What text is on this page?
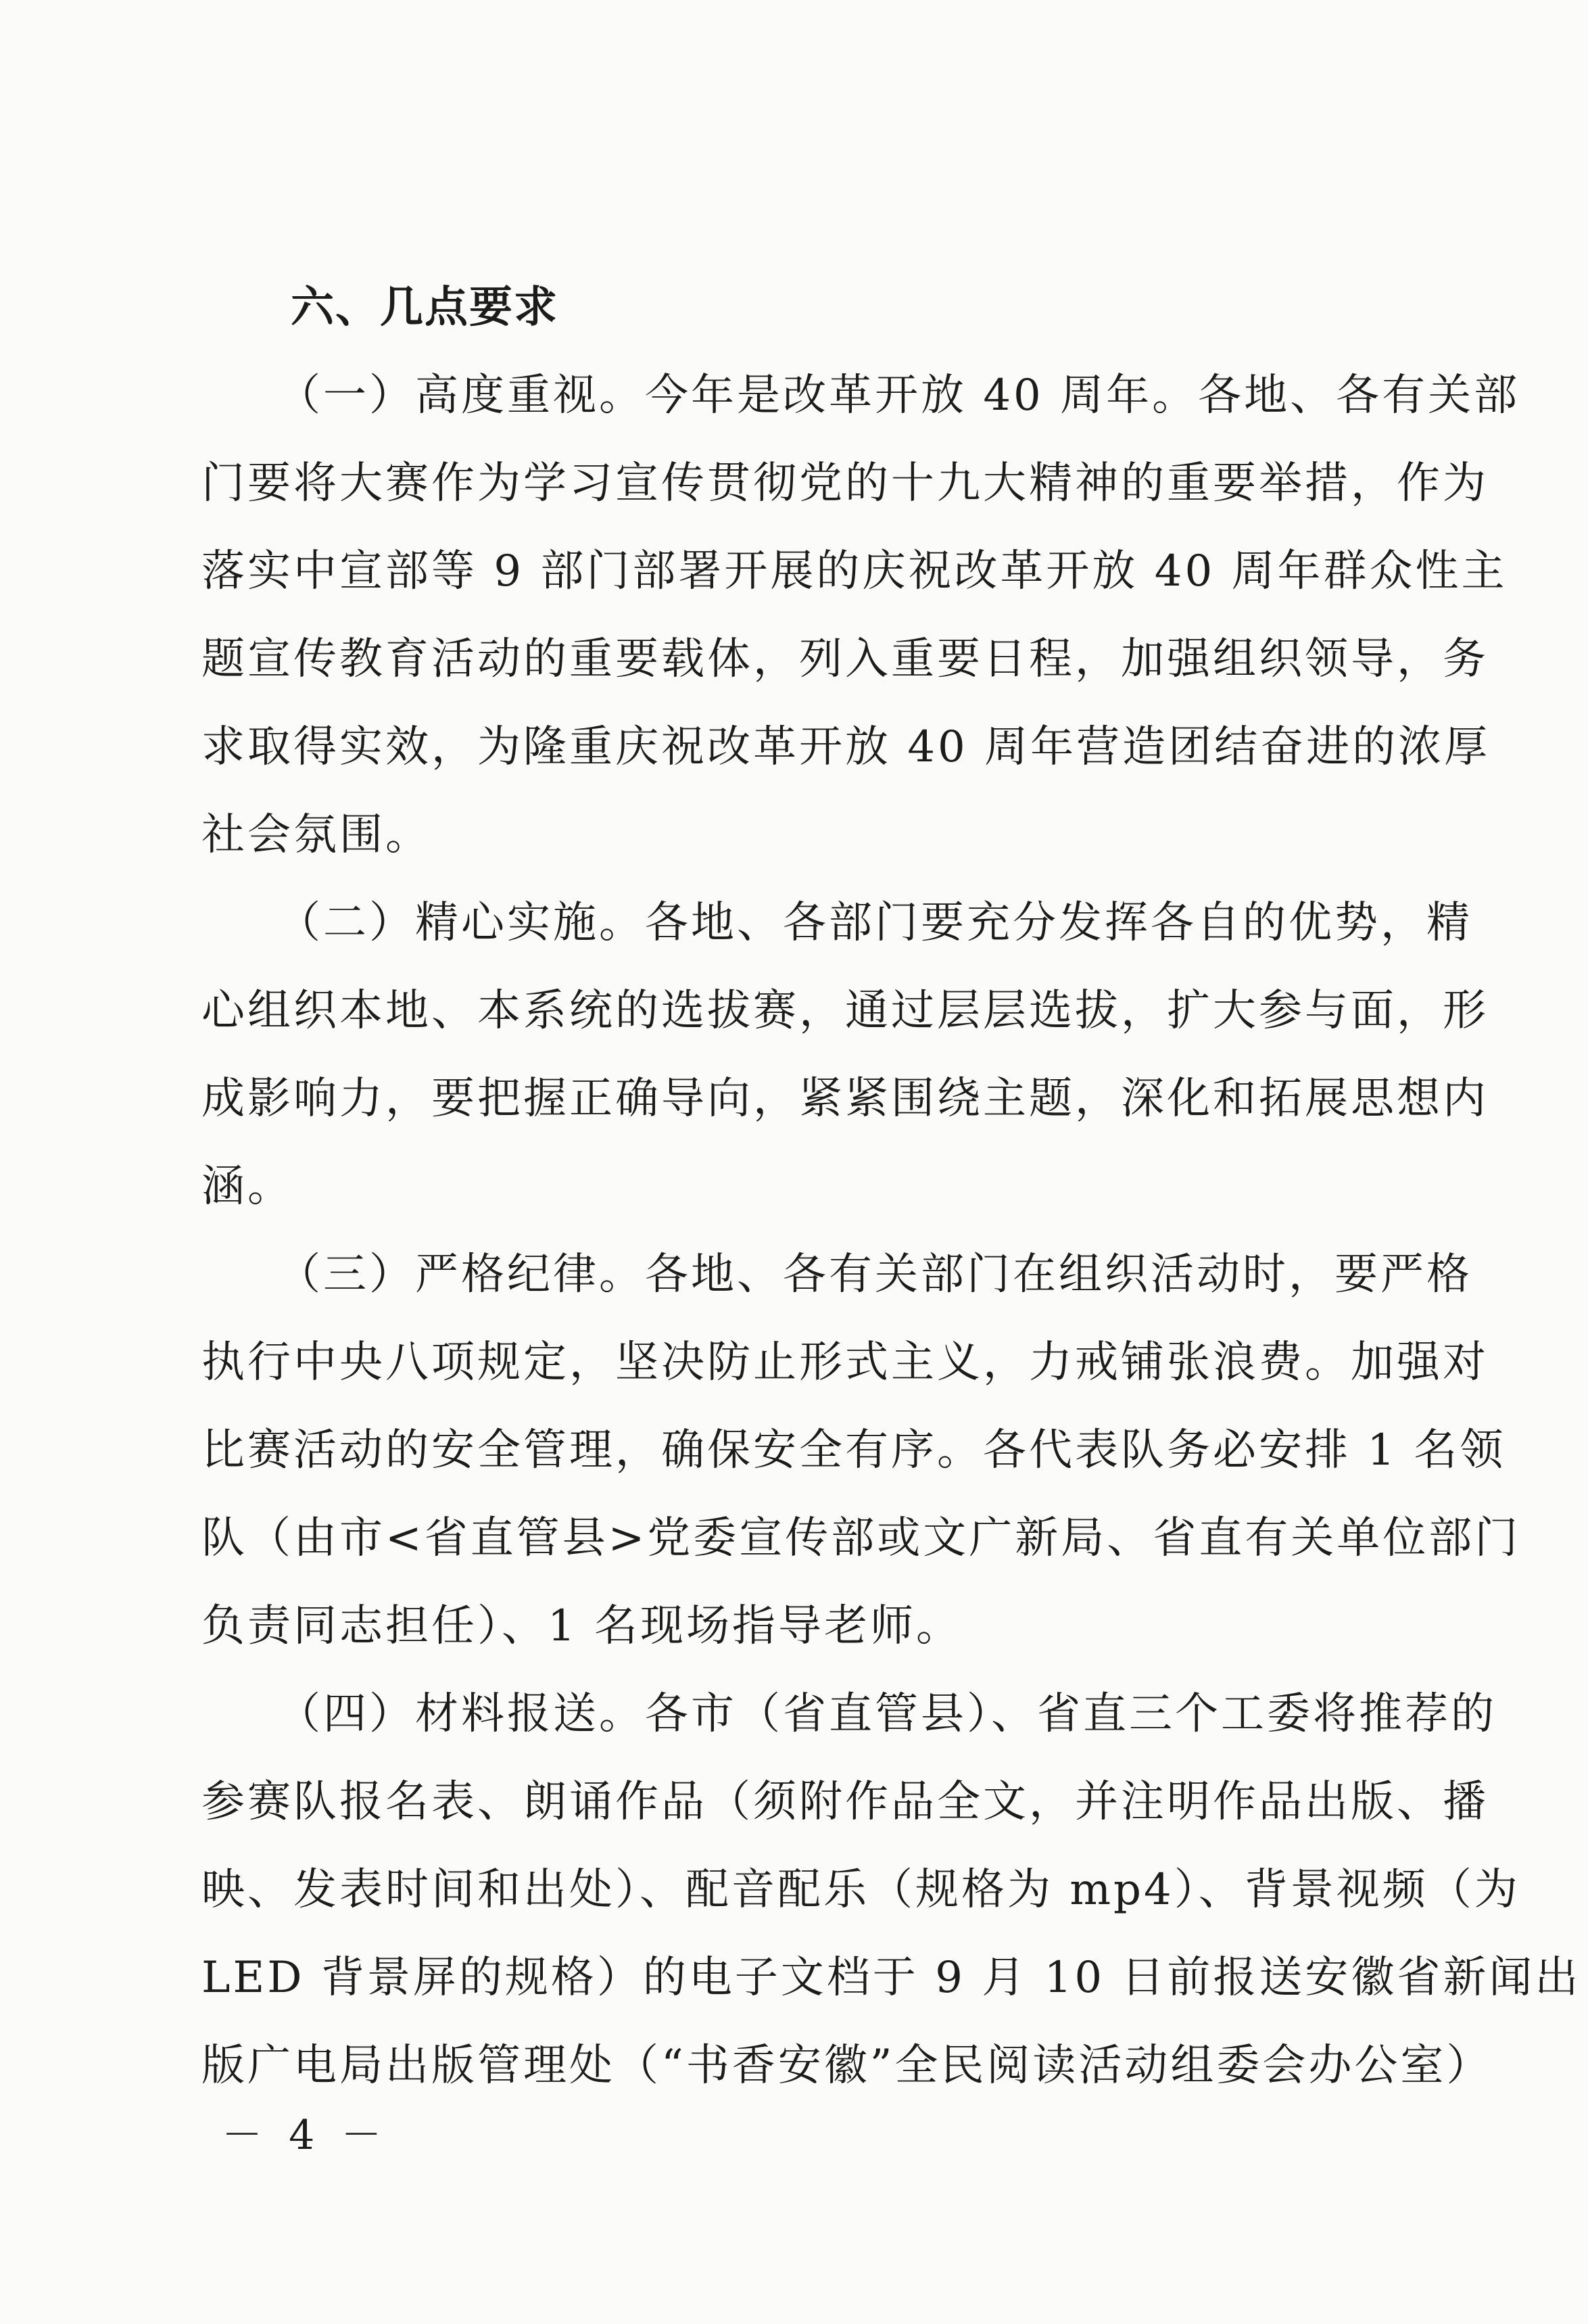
六、几点要求

（一）高度重视。今年是改革开放 40 周年。各地、各有关部
门要将大赛作为学习宣传贯彻党的十九大精神的重要举措，作为
落实中宣部等 9 部门部署开展的庆祝改革开放 40 周年群众性主
题宣传教育活动的重要载体，列入重要日程，加强组织领导，务
求取得实效，为隆重庆祝改革开放 40 周年营造团结奋进的浓厚
社会氛围。

（二）精心实施。各地、各部门要充分发挥各自的优势，精
心组织本地、本系统的选拔赛，通过层层选拔，扩大参与面，形
成影响力，要把握正确导向，紧紧围绕主题，深化和拓展思想内
涵。

（三）严格纪律。各地、各有关部门在组织活动时，要严格
执行中央八项规定，坚决防止形式主义，力戒铺张浪费。加强对
比赛活动的安全管理，确保安全有序。各代表队务必安排 1 名领
队（由市<省直管县>党委宣传部或文广新局、省直有关单位部门
负责同志担任）、1 名现场指导老师。

（四）材料报送。各市（省直管县）、省直三个工委将推荐的
参赛队报名表、朗诵作品（须附作品全文，并注明作品出版、播
映、发表时间和出处）、配音配乐（规格为 mp4）、背景视频（为
LED 背景屏的规格）的电子文档于 9 月 10 日前报送安徽省新闻出
版广电局出版管理处（“书香安徽”全民阅读活动组委会办公室）

－ 4 －
